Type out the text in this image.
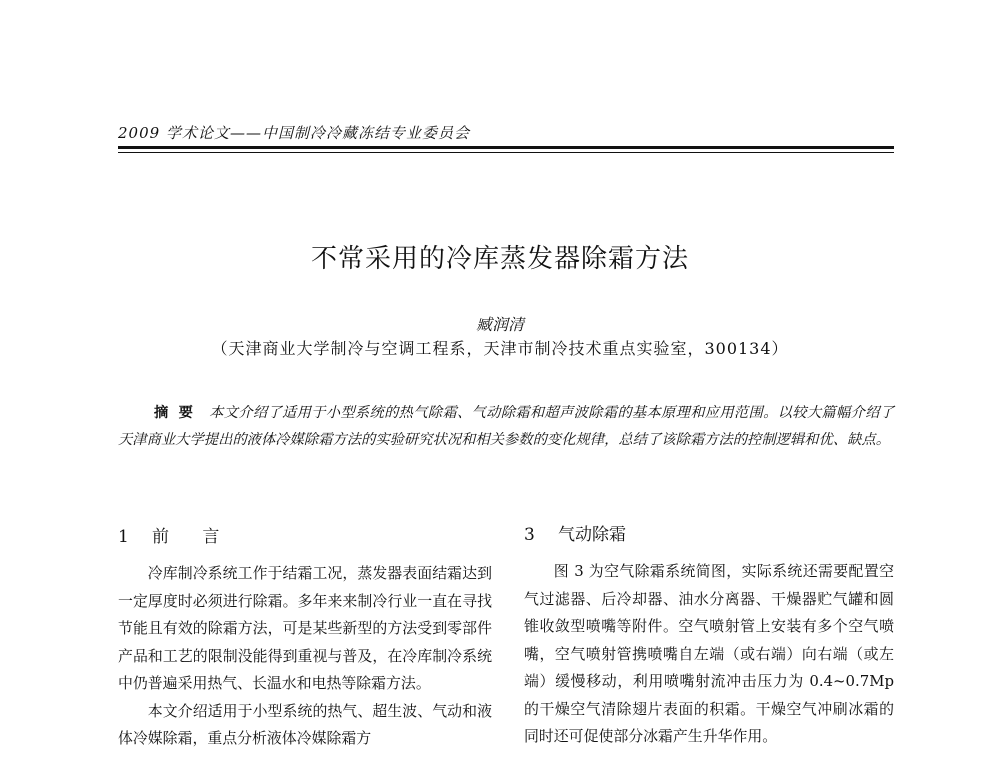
2009 学术论文——中国制冷冷藏冻结专业委员会
不常采用的冷库蒸发器除霜方法
臧润清
（天津商业大学制冷与空调工程系，天津市制冷技术重点实验室，300134）
摘要 本文介绍了适用于小型系统的热气除霜、气动除霜和超声波除霜的基本原理和应用范围。以较大篇幅介绍了天津商业大学提出的液体冷媒除霜方法的实验研究状况和相关参数的变化规律，总结了该除霜方法的控制逻辑和优、缺点。
1 前 言

冷库制冷系统工作于结霜工况，蒸发器表面结霜达到一定厚度时必须进行除霜。多年来来制冷行业一直在寻找节能且有效的除霜方法，可是某些新型的方法受到零部件产品和工艺的限制没能得到重视与普及，在冷库制冷系统中仍普遍采用热气、长温水和电热等除霜方法。

本文介绍适用于小型系统的热气、超生波、气动和液体冷媒除霜，重点分析液体冷媒除霜方

3 气动除霜

图 3 为空气除霜系统简图，实际系统还需要配置空气过滤器、后冷却器、油水分离器、干燥器贮气罐和圆锥收敛型喷嘴等附件。空气喷射管上安装有多个空气喷嘴，空气喷射管携喷嘴自左端（或右端）向右端（或左端）缓慢移动，利用喷嘴射流冲击压力为 0.4~0.7Mp 的干燥空气清除翅片表面的积霜。干燥空气冲刷冰霜的同时还可促使部分冰霜产生升华作用。
